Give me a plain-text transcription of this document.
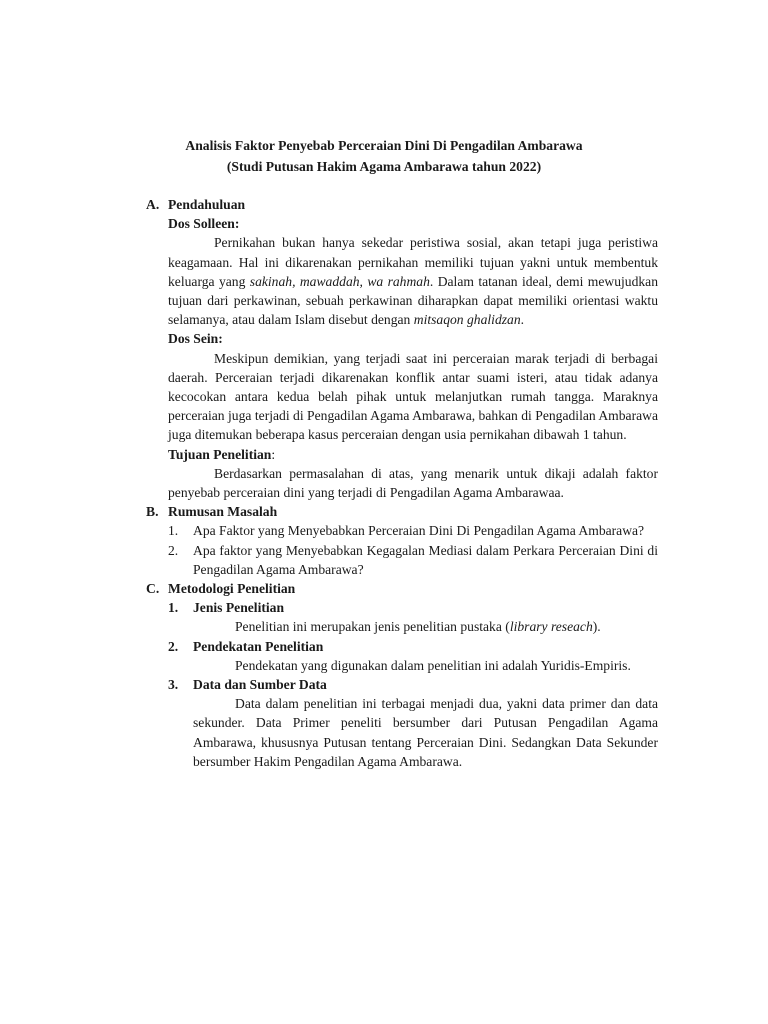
Analisis Faktor Penyebab Perceraian Dini Di Pengadilan Ambarawa
(Studi Putusan Hakim Agama Ambarawa tahun 2022)
A. Pendahuluan
Dos Solleen:

Pernikahan bukan hanya sekedar peristiwa sosial, akan tetapi juga peristiwa keagamaan. Hal ini dikarenakan pernikahan memiliki tujuan yakni untuk membentuk keluarga yang sakinah, mawaddah, wa rahmah. Dalam tatanan ideal, demi mewujudkan tujuan dari perkawinan, sebuah perkawinan diharapkan dapat memiliki orientasi waktu selamanya, atau dalam Islam disebut dengan mitsaqon ghalidzan.

Dos Sein:

Meskipun demikian, yang terjadi saat ini perceraian marak terjadi di berbagai daerah. Perceraian terjadi dikarenakan konflik antar suami isteri, atau tidak adanya kecocokan antara kedua belah pihak untuk melanjutkan rumah tangga. Maraknya perceraian juga terjadi di Pengadilan Agama Ambarawa, bahkan di Pengadilan Ambarawa juga ditemukan beberapa kasus perceraian dengan usia pernikahan dibawah 1 tahun.

Tujuan Penelitian:

Berdasarkan permasalahan di atas, yang menarik untuk dikaji adalah faktor penyebab perceraian dini yang terjadi di Pengadilan Agama Ambarawaa.

B. Rumusan Masalah
1. Apa Faktor yang Menyebabkan Perceraian Dini Di Pengadilan Agama Ambarawa?
2. Apa faktor yang Menyebabkan Kegagalan Mediasi dalam Perkara Perceraian Dini di Pengadilan Agama Ambarawa?
C. Metodologi Penelitian
1. Jenis Penelitian

Penelitian ini merupakan jenis penelitian pustaka (library reseach).

2. Pendekatan Penelitian

Pendekatan yang digunakan dalam penelitian ini adalah Yuridis-Empiris.

3. Data dan Sumber Data

Data dalam penelitian ini terbagai menjadi dua, yakni data primer dan data sekunder. Data Primer peneliti bersumber dari Putusan Pengadilan Agama Ambarawa, khususnya Putusan tentang Perceraian Dini. Sedangkan Data Sekunder bersumber Hakim Pengadilan Agama Ambarawa.
